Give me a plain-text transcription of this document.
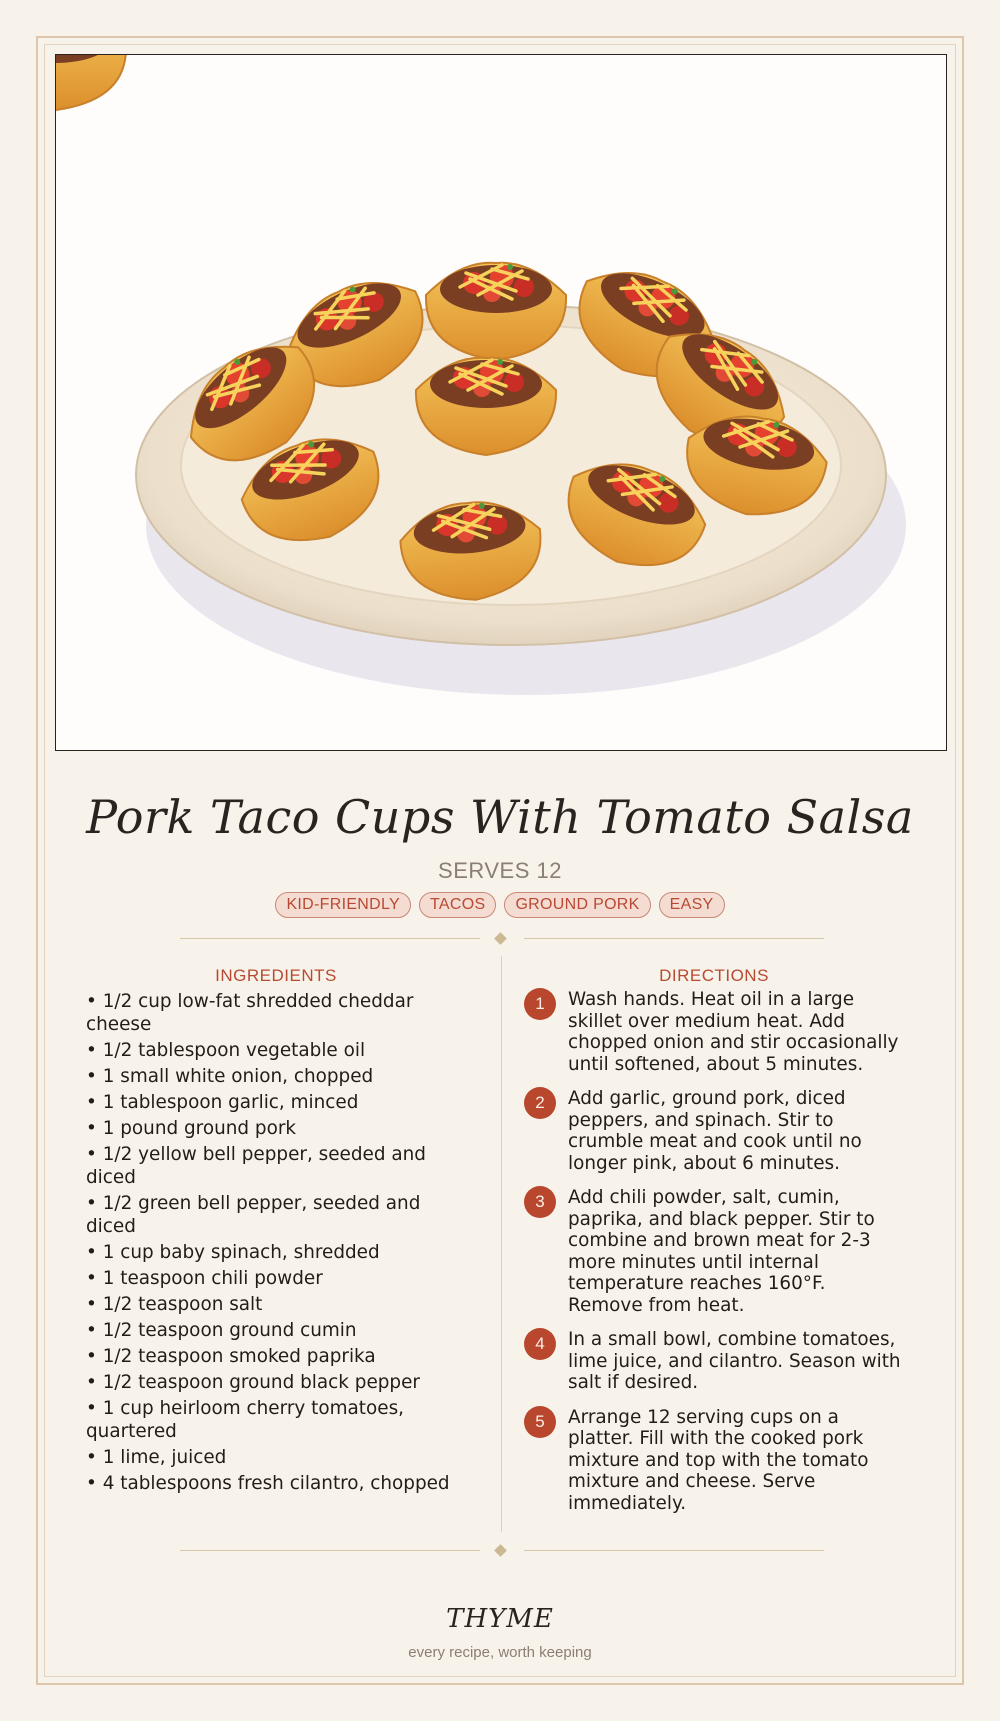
Pork Taco Cups With Tomato Salsa
SERVES 12
KID-FRIENDLY	TACOS	GROUND PORK	EASY
INGREDIENTS
• 1/2 cup low-fat shredded cheddar cheese
• 1/2 tablespoon vegetable oil
• 1 small white onion, chopped
• 1 tablespoon garlic, minced
• 1 pound ground pork
• 1/2 yellow bell pepper, seeded and diced
• 1/2 green bell pepper, seeded and diced
• 1 cup baby spinach, shredded
• 1 teaspoon chili powder
• 1/2 teaspoon salt
• 1/2 teaspoon ground cumin
• 1/2 teaspoon smoked paprika
• 1/2 teaspoon ground black pepper
• 1 cup heirloom cherry tomatoes, quartered
• 1 lime, juiced
• 4 tablespoons fresh cilantro, chopped
DIRECTIONS
1	Wash hands. Heat oil in a large skillet over medium heat. Add chopped onion and stir occasionally until softened, about 5 minutes.
2	Add garlic, ground pork, diced peppers, and spinach. Stir to crumble meat and cook until no longer pink, about 6 minutes.
3	Add chili powder, salt, cumin, paprika, and black pepper. Stir to combine and brown meat for 2-3 more minutes until internal temperature reaches 160°F. Remove from heat.
4	In a small bowl, combine tomatoes, lime juice, and cilantro. Season with salt if desired.
5	Arrange 12 serving cups on a platter. Fill with the cooked pork mixture and top with the tomato mixture and cheese. Serve immediately.
THYME
every recipe, worth keeping
